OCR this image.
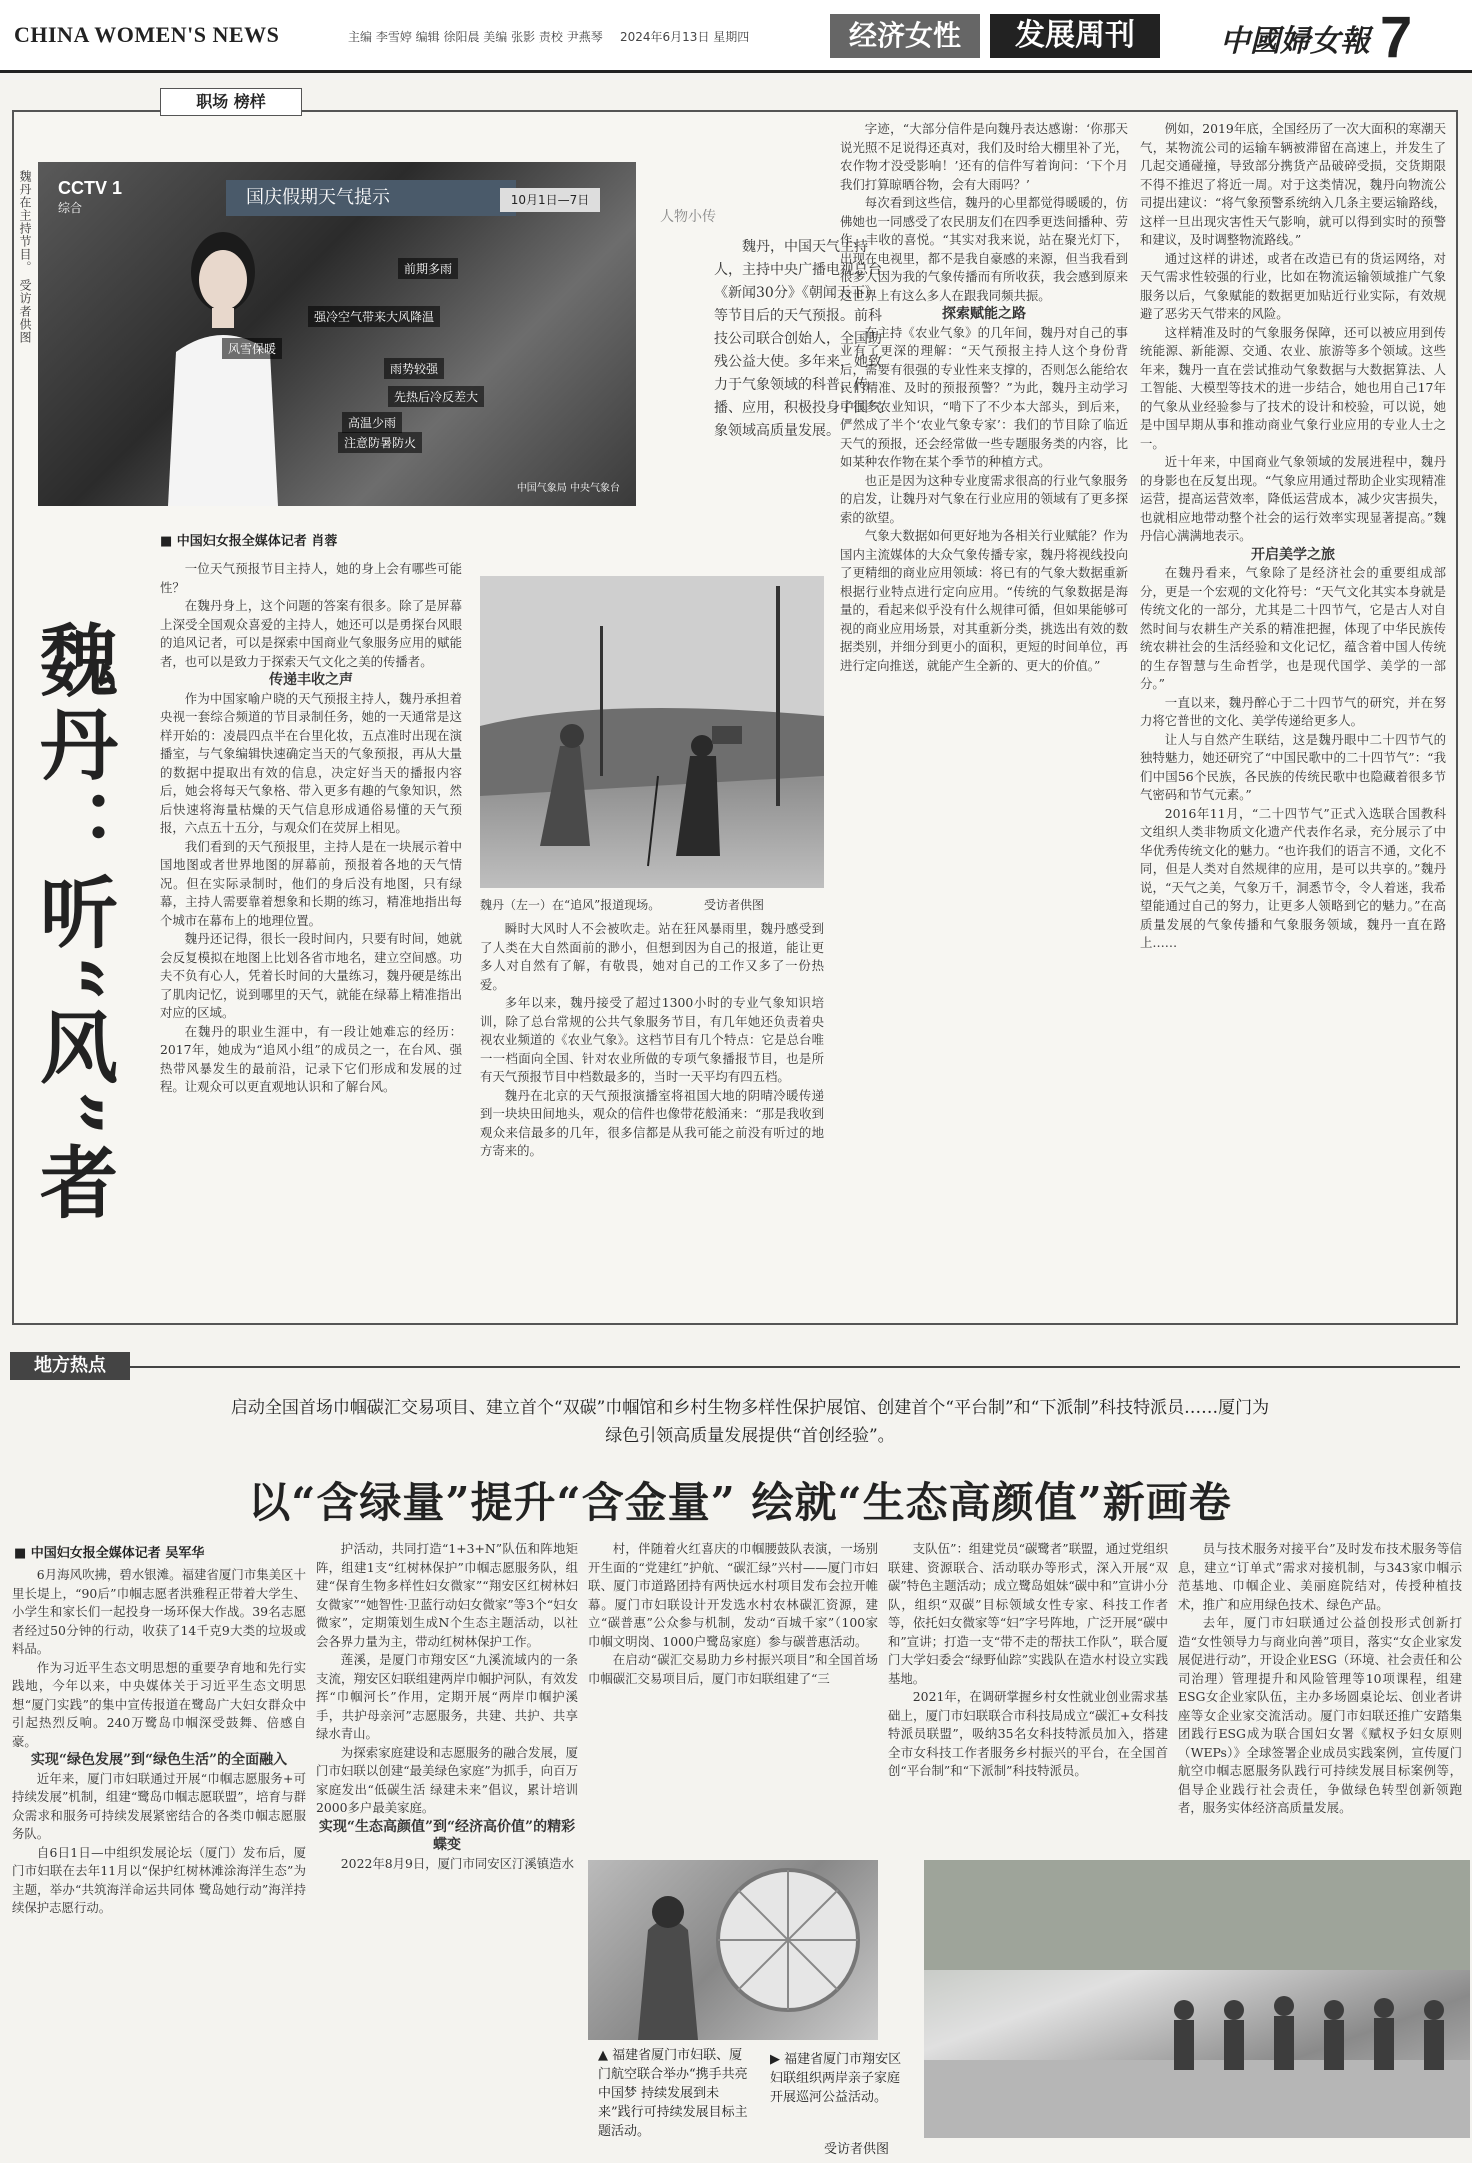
CHINA WOMEN'S NEWS	主编 李雪婷 编辑 徐阳晨 美编 张影 责校 尹燕琴 2024年6月13日 星期四	经济女性	发展周刊	中國婦女報 7
职场 榜样
CCTV 1
综合	国庆假期天气提示	10月1日—7日
前期多雨
强冷空气带来大风降温
风雪保暖
雨势较强
先热后冷反差大
高温少雨
注意防暑防火
中国气象局 中央气象台
魏丹在主持节目。 受访者供图	人物小传
魏丹，中国天气主持人，主持中央广播电视总台《新闻30分》《朝闻天下》等节目后的天气预报。前科技公司联合创始人，全国助残公益大使。多年来，她致力于气象领域的科普、传播、应用，积极投身中国气象领域高质量发展。
■ 中国妇女报全媒体记者 肖蓉
魏丹：听“风”者

一位天气预报节目主持人，她的身上会有哪些可能性？

在魏丹身上，这个问题的答案有很多。除了是屏幕上深受全国观众喜爱的主持人，她还可以是勇探台风眼的追风记者，可以是探索中国商业气象服务应用的赋能者，也可以是致力于探索天气文化之美的传播者。

传递丰收之声

作为中国家喻户晓的天气预报主持人，魏丹承担着央视一套综合频道的节目录制任务，她的一天通常是这样开始的：凌晨四点半在台里化妆，五点准时出现在演播室，与气象编辑快速确定当天的气象预报，再从大量的数据中提取出有效的信息，决定好当天的播报内容后，她会将每天气象格、带入更多有趣的气象知识，然后快速将海量枯燥的天气信息形成通俗易懂的天气预报，六点五十五分，与观众们在荧屏上相见。

我们看到的天气预报里，主持人是在一块展示着中国地图或者世界地图的屏幕前，预报着各地的天气情况。但在实际录制时，他们的身后没有地图，只有绿幕，主持人需要靠着想象和长期的练习，精准地指出每个城市在幕布上的地理位置。

魏丹还记得，很长一段时间内，只要有时间，她就会反复模拟在地图上比划各省市地名，建立空间感。功夫不负有心人，凭着长时间的大量练习，魏丹硬是练出了肌肉记忆，说到哪里的天气，就能在绿幕上精准指出对应的区域。

在魏丹的职业生涯中，有一段让她难忘的经历：2017年，她成为“追风小组”的成员之一，在台风、强热带风暴发生的最前沿，记录下它们形成和发展的过程。让观众可以更直观地认识和了解台风。

魏丹（左一）在“追风”报道现场。	受访者供图

瞬时大风时人不会被吹走。站在狂风暴雨里，魏丹感受到了人类在大自然面前的渺小，但想到因为自己的报道，能让更多人对自然有了解，有敬畏，她对自己的工作又多了一份热爱。

多年以来，魏丹接受了超过1300小时的专业气象知识培训，除了总台常规的公共气象服务节目，有几年她还负责着央视农业频道的《农业气象》。这档节目有几个特点：它是总台唯一一档面向全国、针对农业所做的专项气象播报节目，也是所有天气预报节目中档数最多的，当时一天平均有四五档。

魏丹在北京的天气预报演播室将祖国大地的阴晴冷暖传递到一块块田间地头，观众的信件也像带花般涌来：“那是我收到观众来信最多的几年，很多信都是从我可能之前没有听过的地方寄来的。

字迹，“大部分信件是向魏丹表达感谢：‘你那天说光照不足说得还真对，我们及时给大棚里补了光，农作物才没受影响！’还有的信件写着询问：‘下个月我们打算晾晒谷物，会有大雨吗？’

每次看到这些信，魏丹的心里都觉得暖暖的，仿佛她也一同感受了农民朋友们在四季更迭间播种、劳作、丰收的喜悦。“其实对我来说，站在聚光灯下，出现在电视里，都不是我自豪感的来源，但当我看到很多人因为我的气象传播而有所收获，我会感到原来这世界上有这么多人在跟我同频共振。

探索赋能之路

在主持《农业气象》的几年间，魏丹对自己的事业有了更深的理解：“天气预报主持人这个身份背后，需要有很强的专业性来支撑的，否则怎么能给农民们精准、及时的预报预警？”为此，魏丹主动学习了很多农业知识，“啃下了不少本大部头，到后来，俨然成了半个‘农业气象专家’：我们的节目除了临近天气的预报，还会经常做一些专题服务类的内容，比如某种农作物在某个季节的种植方式。

也正是因为这种专业度需求很高的行业气象服务的启发，让魏丹对气象在行业应用的领域有了更多探索的欲望。

气象大数据如何更好地为各相关行业赋能？作为国内主流媒体的大众气象传播专家，魏丹将视线投向了更精细的商业应用领域：将已有的气象大数据重新根据行业特点进行定向应用。“传统的气象数据是海量的，看起来似乎没有什么规律可循，但如果能够可视的商业应用场景，对其重新分类，挑选出有效的数据类别，并细分到更小的面积，更短的时间单位，再进行定向推送，就能产生全新的、更大的价值。”

例如，2019年底，全国经历了一次大面积的寒潮天气，某物流公司的运输车辆被滞留在高速上，并发生了几起交通碰撞，导致部分携货产品破碎受损，交货期限不得不推迟了将近一周。对于这类情况，魏丹向物流公司提出建议：“将气象预警系统纳入几条主要运输路线，这样一旦出现灾害性天气影响，就可以得到实时的预警和建议，及时调整物流路线。”

通过这样的讲述，或者在改造已有的货运网络，对天气需求性较强的行业，比如在物流运输领域推广气象服务以后，气象赋能的数据更加贴近行业实际，有效规避了恶劣天气带来的风险。

这样精准及时的气象服务保障，还可以被应用到传统能源、新能源、交通、农业、旅游等多个领域。这些年来，魏丹一直在尝试推动气象数据与大数据算法、人工智能、大模型等技术的进一步结合，她也用自己17年的气象从业经验参与了技术的设计和校验，可以说，她是中国早期从事和推动商业气象行业应用的专业人士之一。

近十年来，中国商业气象领域的发展进程中，魏丹的身影也在反复出现。“气象应用通过帮助企业实现精准运营，提高运营效率，降低运营成本，减少灾害损失，也就相应地带动整个社会的运行效率实现显著提高。”魏丹信心满满地表示。

开启美学之旅

在魏丹看来，气象除了是经济社会的重要组成部分，更是一个宏观的文化符号：“天气文化其实本身就是传统文化的一部分，尤其是二十四节气，它是古人对自然时间与农耕生产关系的精准把握，体现了中华民族传统农耕社会的生活经验和文化记忆，蕴含着中国人传统的生存智慧与生命哲学，也是现代国学、美学的一部分。”

一直以来，魏丹醉心于二十四节气的研究，并在努力将它普世的文化、美学传递给更多人。

让人与自然产生联结，这是魏丹眼中二十四节气的独特魅力，她还研究了“中国民歌中的二十四节气”：“我们中国56个民族，各民族的传统民歌中也隐藏着很多节气密码和节气元素。”

2016年11月，“二十四节气”正式入选联合国教科文组织人类非物质文化遗产代表作名录，充分展示了中华优秀传统文化的魅力。“也许我们的语言不通，文化不同，但是人类对自然规律的应用，是可以共享的。”魏丹说，“天气之美，气象万千，洞悉节令，令人着迷，我希望能通过自己的努力，让更多人领略到它的魅力。”在高质量发展的气象传播和气象服务领域，魏丹一直在路上……

地方热点
启动全国首场巾帼碳汇交易项目、建立首个“双碳”巾帼馆和乡村生物多样性保护展馆、创建首个“平台制”和“下派制”科技特派员……厦门为绿色引领高质量发展提供“首创经验”。
以“含绿量”提升“含金量” 绘就“生态高颜值”新画卷
■ 中国妇女报全媒体记者 吴军华

6月海风吹拂，碧水银滩。福建省厦门市集美区十里长堤上，“90后”巾帼志愿者洪雅程正带着大学生、小学生和家长们一起投身一场环保大作战。39名志愿者经过50分钟的行动，收获了14千克9大类的垃圾或料品。

作为习近平生态文明思想的重要孕育地和先行实践地，今年以来，中央媒体关于习近平生态文明思想“厦门实践”的集中宣传报道在鹭岛广大妇女群众中引起热烈反响。240万鹭岛巾帼深受鼓舞、倍感自豪。

实现“绿色发展”到“绿色生活”的全面融入

近年来，厦门市妇联通过开展“巾帼志愿服务+可持续发展”机制，组建“鹭岛巾帼志愿联盟”，培育与群众需求和服务可持续发展紧密结合的各类巾帼志愿服务队。

自6日1日—中组织发展论坛（厦门）发布后，厦门市妇联在去年11月以“保护红树林滩涂海洋生态”为主题，举办“共筑海洋命运共同体 鹭岛她行动”海洋持续保护志愿行动。

护活动，共同打造“1+3+N”队伍和阵地矩阵，组建1支“红树林保护”巾帼志愿服务队，组建“保育生物多样性妇女微家”“翔安区红树林妇女微家”“她智性·卫蓝行动妇女微家”等3个“妇女微家”，定期策划生成N个生态主题活动，以社会各界力量为主，带动红树林保护工作。

莲溪，是厦门市翔安区“九溪流域内的一条支流，翔安区妇联组建两岸巾帼护河队，有效发挥“巾帼河长”作用，定期开展“两岸巾帼护溪手，共护母亲河”志愿服务，共建、共护、共享绿水青山。

为探索家庭建设和志愿服务的融合发展，厦门市妇联以创建“最美绿色家庭”为抓手，向百万家庭发出“低碳生活 绿建未来”倡议，累计培训2000多户最美家庭。

实现“生态高颜值”到“经济高价值”的精彩蝶变

2022年8月9日，厦门市同安区汀溪镇造水

村，伴随着火红喜庆的巾帼腰鼓队表演，一场别开生面的“党建红”护航、“碳汇绿”兴村——厦门市妇联、厦门市道路团持有两快远水村项目发布会拉开帷幕。厦门市妇联设计开发选水村农林碳汇资源，建立“碳普惠”公众参与机制，发动“百城千家”（100家巾帼文明岗、1000户鹭岛家庭）参与碳普惠活动。

在启动“碳汇交易助力乡村振兴项目”和全国首场巾帼碳汇交易项目后，厦门市妇联组建了“三

支队伍”：组建党员“碳鹭者”联盟，通过党组织联建、资源联合、活动联办等形式，深入开展“双碳”特色主题活动；成立鹭岛姐妹“碳中和”宣讲小分队，组织“双碳”目标领域女性专家、科技工作者等，依托妇女微家等“妇”字号阵地，广泛开展“碳中和”宣讲；打造一支“带不走的帮扶工作队”，联合厦门大学妇委会“绿野仙踪”实践队在造水村设立实践基地。

2021年，在调研掌握乡村女性就业创业需求基础上，厦门市妇联联合市科技局成立“碳汇+女科技特派员联盟”，吸纳35名女科技特派员加入，搭建全市女科技工作者服务乡村振兴的平台，在全国首创“平台制”和“下派制”科技特派员。

员与技术服务对接平台”及时发布技术服务等信息，建立“订单式”需求对接机制，与343家巾帼示范基地、巾帼企业、美丽庭院结对，传授种植技术，推广和应用绿色技术、绿色产品。

去年，厦门市妇联通过公益创投形式创新打造“女性领导力与商业向善”项目，落实“女企业家发展促进行动”，开设企业ESG（环境、社会责任和公司治理）管理提升和风险管理等10项课程，组建ESG女企业家队伍，主办多场圆桌论坛、创业者讲座等女企业家交流活动。厦门市妇联还推广安踏集团践行ESG成为联合国妇女署《赋权予妇女原则（WEPs）》全球签署企业成员实践案例，宣传厦门航空巾帼志愿服务队践行可持续发展目标案例等，倡导企业践行社会责任，争做绿色转型创新领跑者，服务实体经济高质量发展。

▲ 福建省厦门市妇联、厦门航空联合举办“携手共亮中国梦 持续发展到未来”践行可持续发展目标主题活动。
▶ 福建省厦门市翔安区妇联组织两岸亲子家庭开展巡河公益活动。
受访者供图
